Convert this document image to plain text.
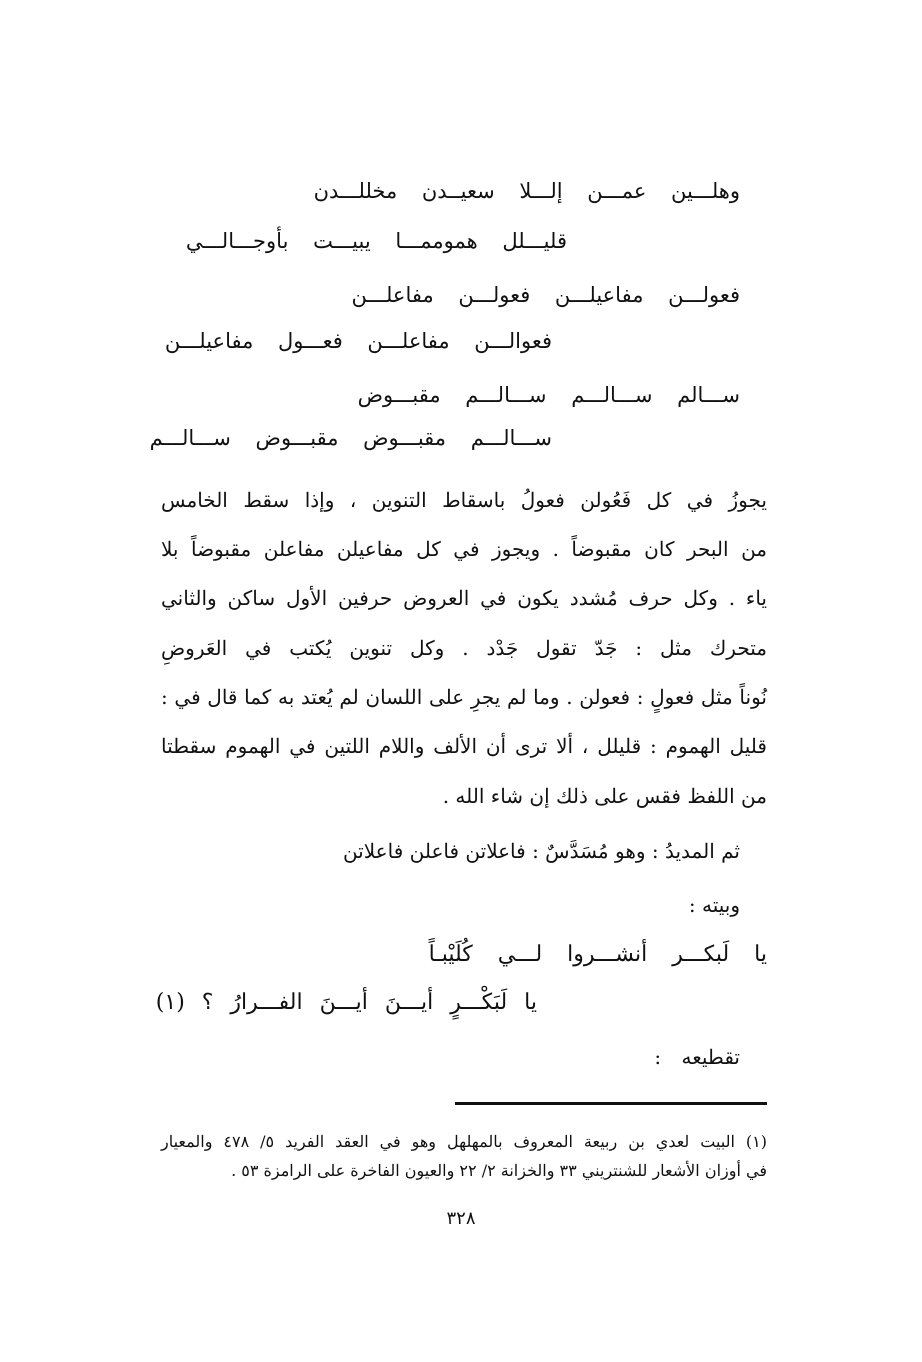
وهلـــين عمـــن إلـــلا سعيــدن مخللـــدن
قليـــلل هموممـــا يبيـــت بأوجـــالـــي
فعولـــن مفاعيلـــن فعولـــن مفاعلـــن
فعوالـــن مفاعلـــن فعـــول مفاعيلـــن
ســـالم ســـالـــم ســـالـــم مقبـــوض
ســـالـــم مقبـــوض مقبـــوض ســـالـــم
يجوزُ في كل فَعُولن فعولُ باسقاط التنوين ، وإذا سقط الخامس
من البحر كان مقبوضاً . ويجوز في كل مفاعيلن مفاعلن مقبوضاً بلا
ياء . وكل حرف مُشدد يكون في العروض حرفين الأول ساكن والثاني
متحرك مثل : جَدّ تقول جَدْد . وكل تنوين يُكتب في العَروضِ
نُوناً مثل فعولٍ : فعولن . وما لم يجرِ على اللسان لم يُعتد به كما قال في :
قليل الهموم : قليلل ، ألا ترى أن الألف واللام اللتين في الهموم سقطتا
من اللفظ فقس على ذلك إن شاء الله .
ثم المديدُ : وهو مُسَدَّسٌ : فاعلاتن فاعلن فاعلاتن
وبيته :
يا لَبكـــر أنشـــروا لـــي كُلَيْبـاً
يا لَبَكْـــرٍ أيـــنَ أيـــنَ الفـــرارُ ؟ (١)
تقطيعه :
(١) البيت لعدي بن ربيعة المعروف بالمهلهل وهو في العقد الفريد ٥/ ٤٧٨ والمعيار
في أوزان الأشعار للشنتريني ٣٣ والخزانة ٢/ ٢٢ والعيون الفاخرة على الرامزة ٥٣ .
٣٢٨
